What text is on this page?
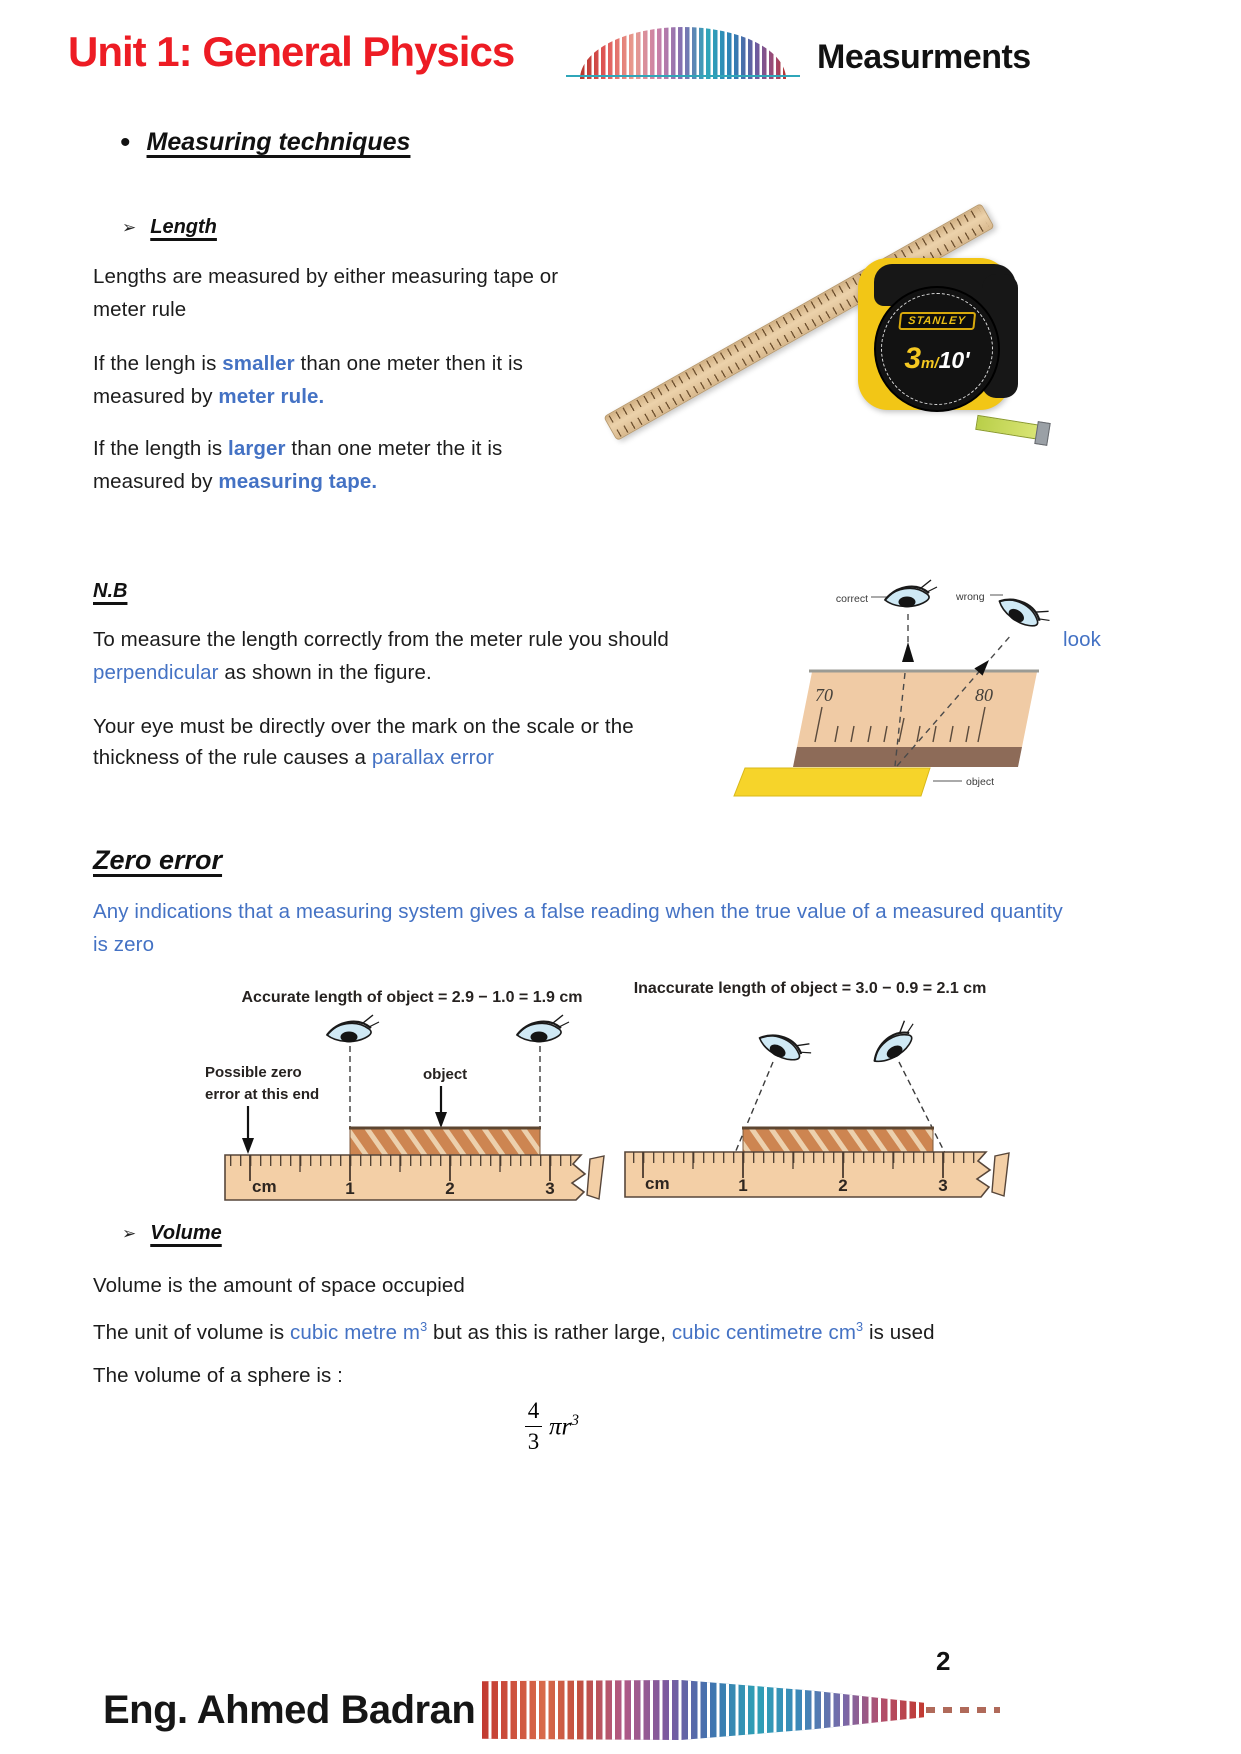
Unit 1: General Physics	Measurments
• Measuring techniques
➢ Length
Lengths are measured by either measuring tape or
meter rule
If the lengh is smaller than one meter then it is
measured by meter rule.
If the length is larger than one meter the it is
measured by measuring tape.
STANLEY
3m/10'
N.B
To measure the length correctly from the meter rule you should	look
perpendicular as shown in the figure.
Your eye must be directly over the mark on the scale or the
thickness of the rule causes a parallax error
70	80
correct	wrong
object
Zero error
Any indications that a measuring system gives a false reading when the true value of a measured quantity
is zero
Accurate length of object = 2.9 − 1.0 = 1.9 cm
Possible zero
error at this end
object
cm	1	2	3
Inaccurate length of object = 3.0 − 0.9 = 2.1 cm
cm	1	2	3
➢ Volume
Volume is the amount of space occupied
The unit of volume is cubic metre $m^3$ but as this is rather large, cubic centimetre $cm^3$ is used
The volume of a sphere is :
$\frac{4}{3} \pi r^3$
2
Eng. Ahmed Badran
